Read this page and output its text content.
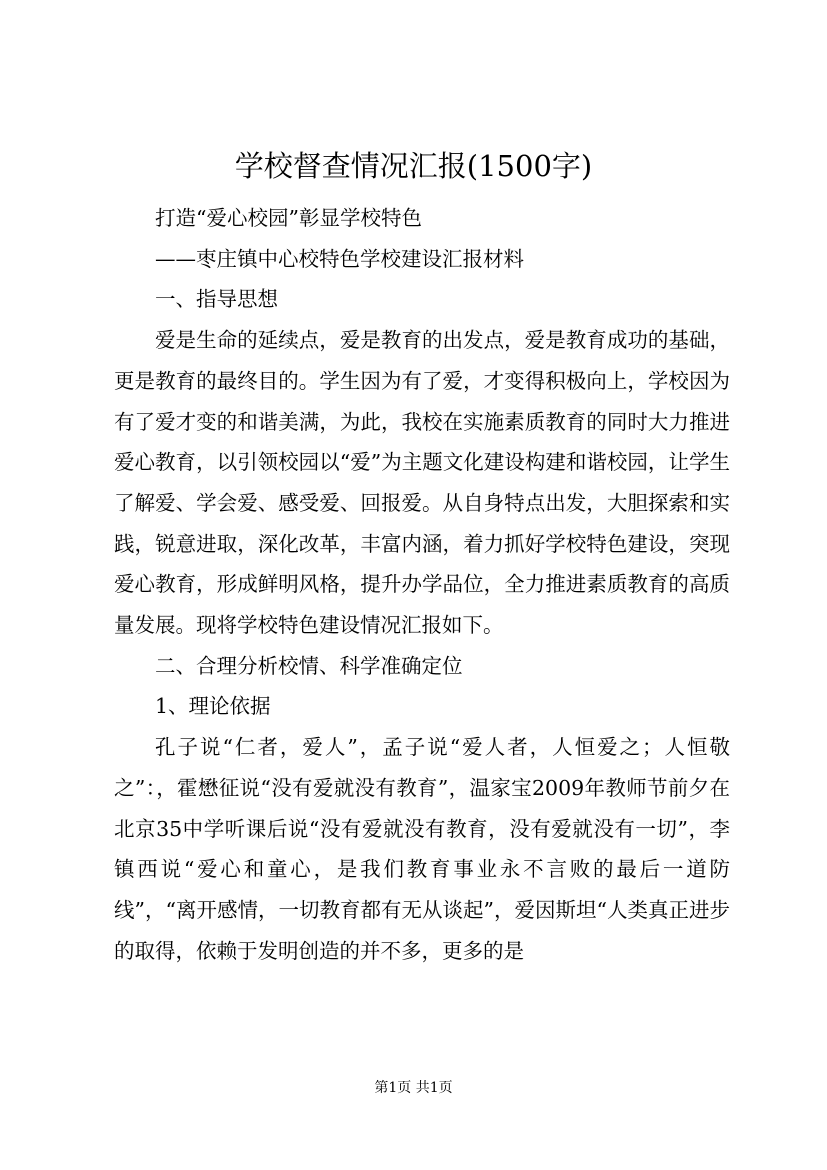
学校督查情况汇报(1500字)

打造“爱心校园”彰显学校特色

——枣庄镇中心校特色学校建设汇报材料

一、指导思想

爱是生命的延续点，爱是教育的出发点，爱是教育成功的基础，更是教育的最终目的。学生因为有了爱，才变得积极向上，学校因为有了爱才变的和谐美满，为此，我校在实施素质教育的同时大力推进爱心教育，以引领校园以“爱”为主题文化建设构建和谐校园，让学生了解爱、学会爱、感受爱、回报爱。从自身特点出发，大胆探索和实践，锐意进取，深化改革，丰富内涵，着力抓好学校特色建设，突现爱心教育，形成鲜明风格，提升办学品位，全力推进素质教育的高质量发展。现将学校特色建设情况汇报如下。

二、合理分析校情、科学准确定位

1、理论依据

孔子说“仁者，爱人”，孟子说“爱人者，人恒爱之；人恒敬之”：，霍懋征说“没有爱就没有教育”，温家宝2009年教师节前夕在北京35中学听课后说“没有爱就没有教育，没有爱就没有一切”，李镇西说“爱心和童心，是我们教育事业永不言败的最后一道防线”，“离开感情，一切教育都有无从谈起”，爱因斯坦“人类真正进步的取得，依赖于发明创造的并不多，更多的是

第1页 共1页
